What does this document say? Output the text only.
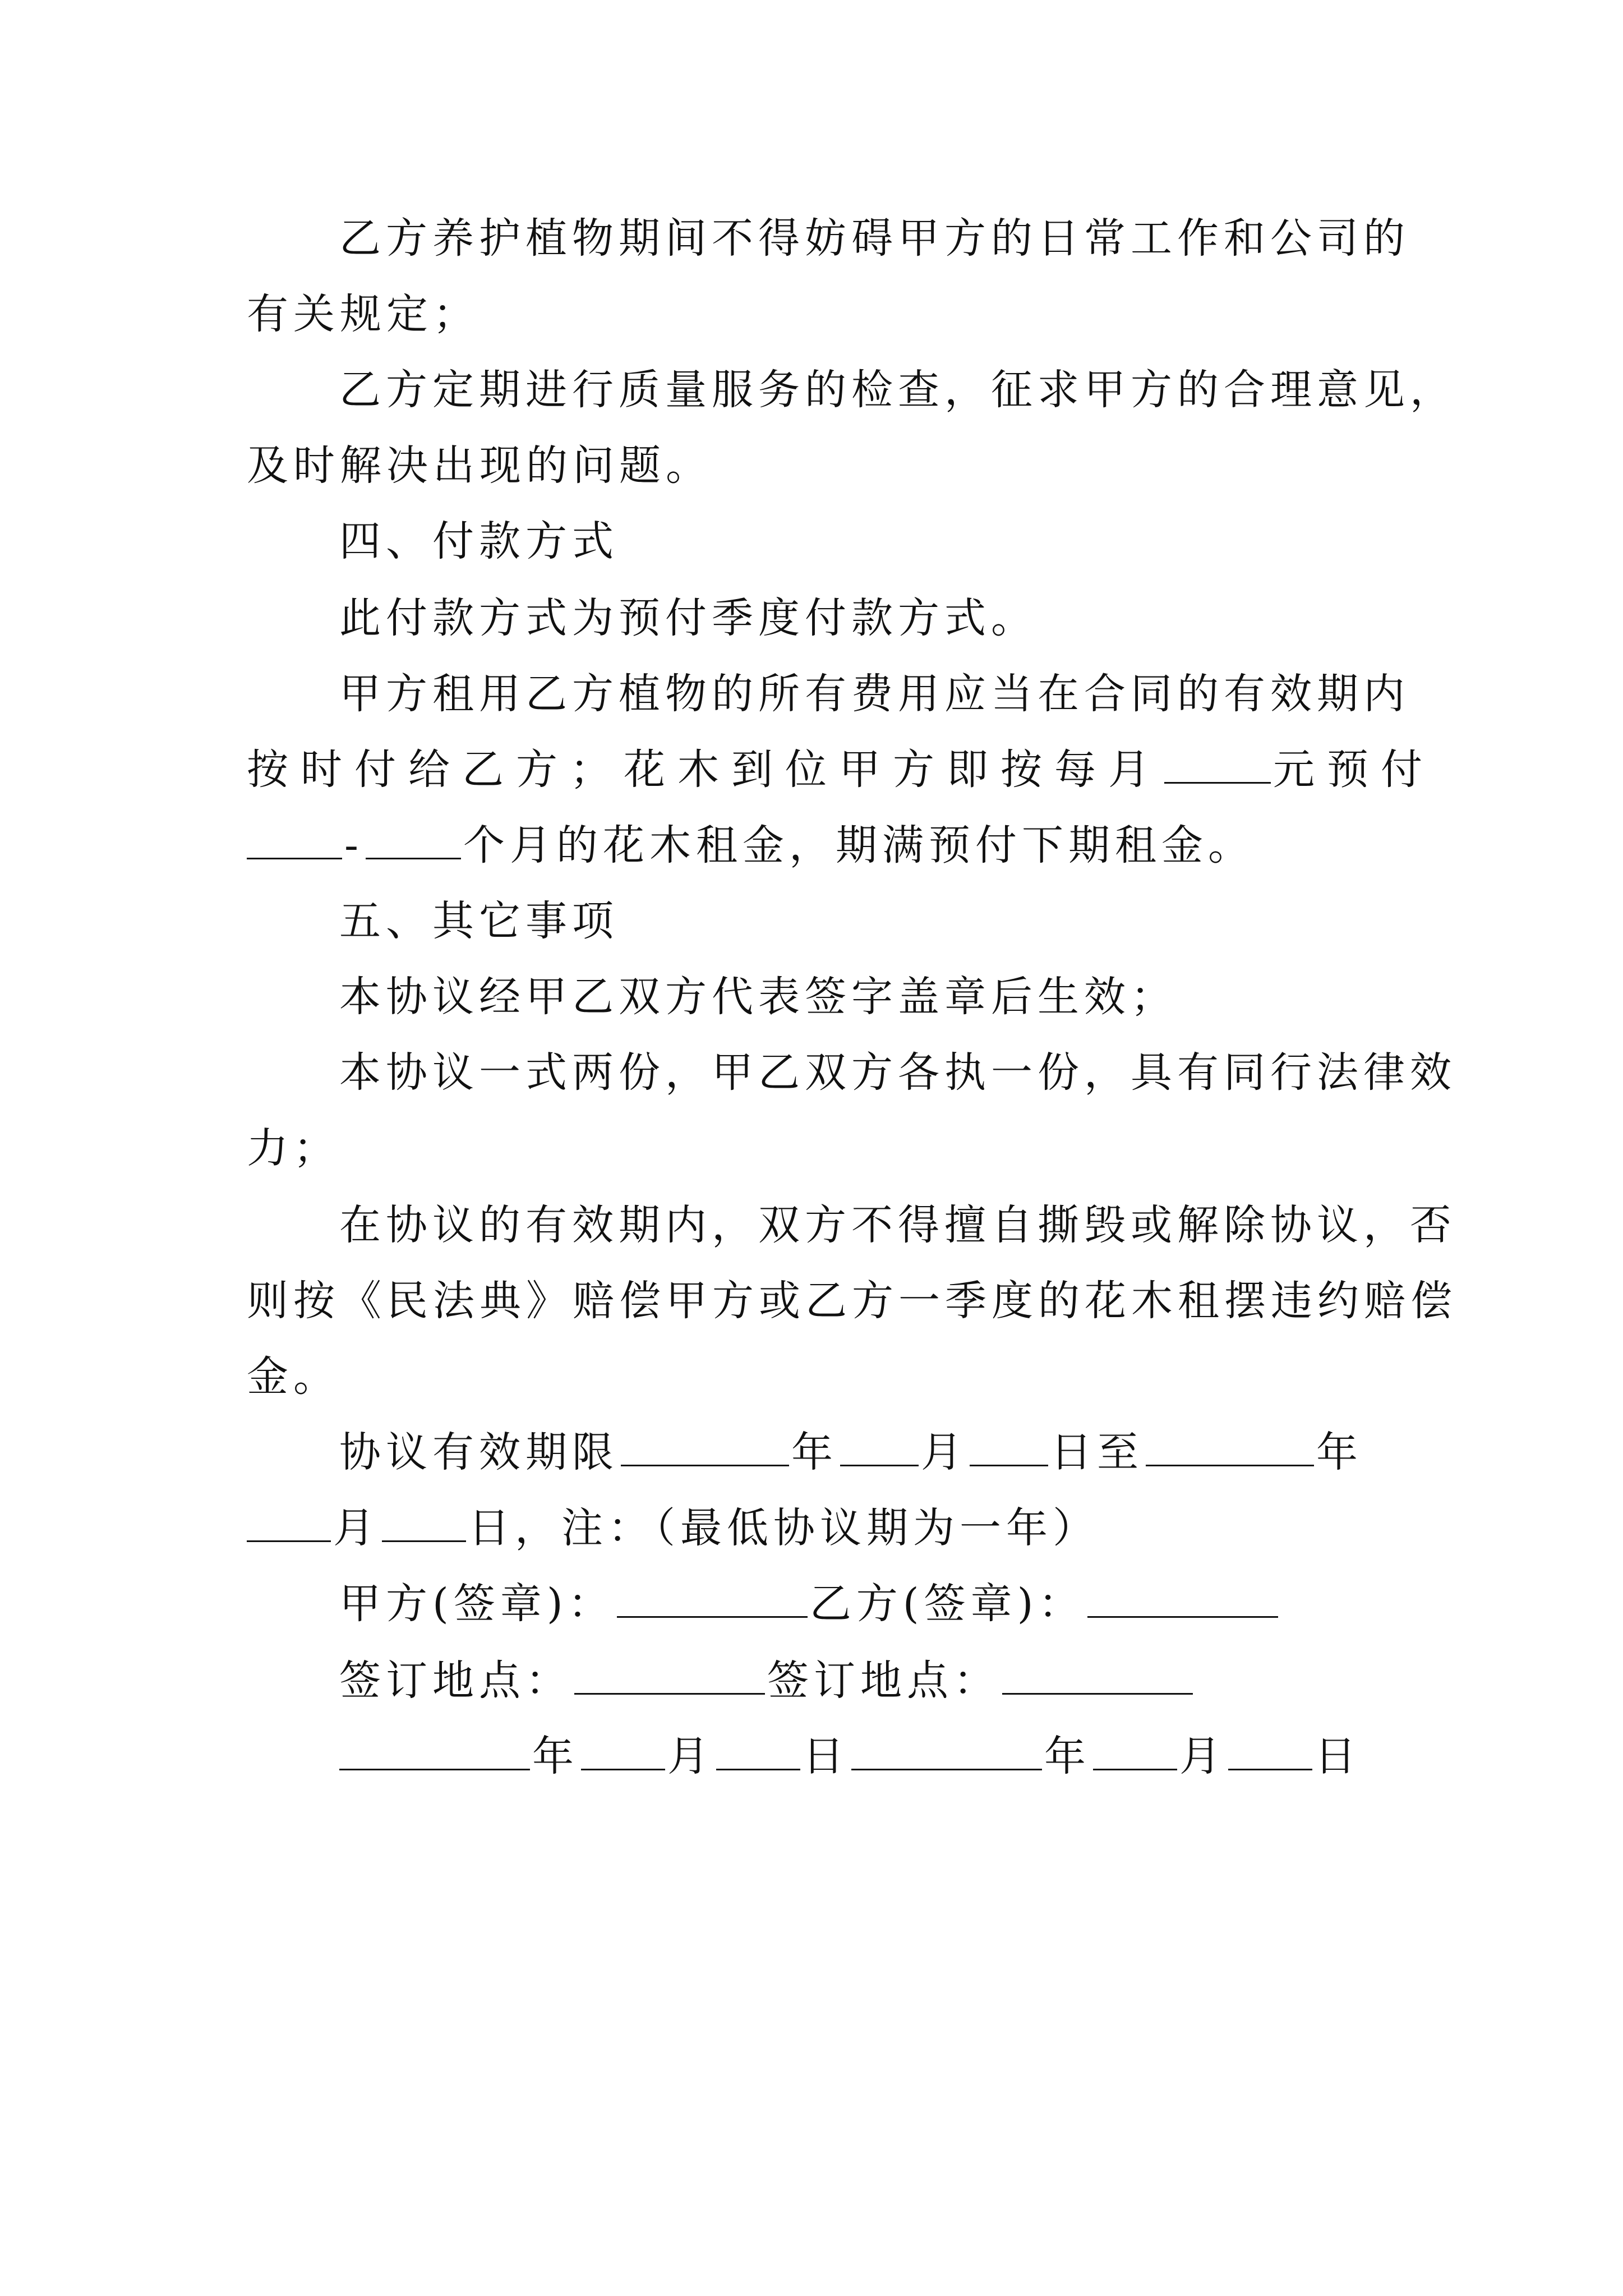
乙方养护植物期间不得妨碍甲方的日常工作和公司的

有关规定；

乙方定期进行质量服务的检查，征求甲方的合理意见，

及时解决出现的问题。

四、付款方式

此付款方式为预付季度付款方式。

甲方租用乙方植物的所有费用应当在合同的有效期内

按时付给乙方；花木到位甲方即按每月	元预付

- 个月的花木租金，期满预付下期租金。

五、其它事项

本协议经甲乙双方代表签字盖章后生效；

本协议一式两份，甲乙双方各执一份，具有同行法律效

力；

在协议的有效期内，双方不得擅自撕毁或解除协议，否

则按《民法典》赔偿甲方或乙方一季度的花木租摆违约赔偿

金。

协议有效期限	年 月 日至	年

月 日，注：（最低协议期为一年）

甲方(签章)：	乙方(签章)：

签订地点：	签订地点：

年 月 日	年 月 日
